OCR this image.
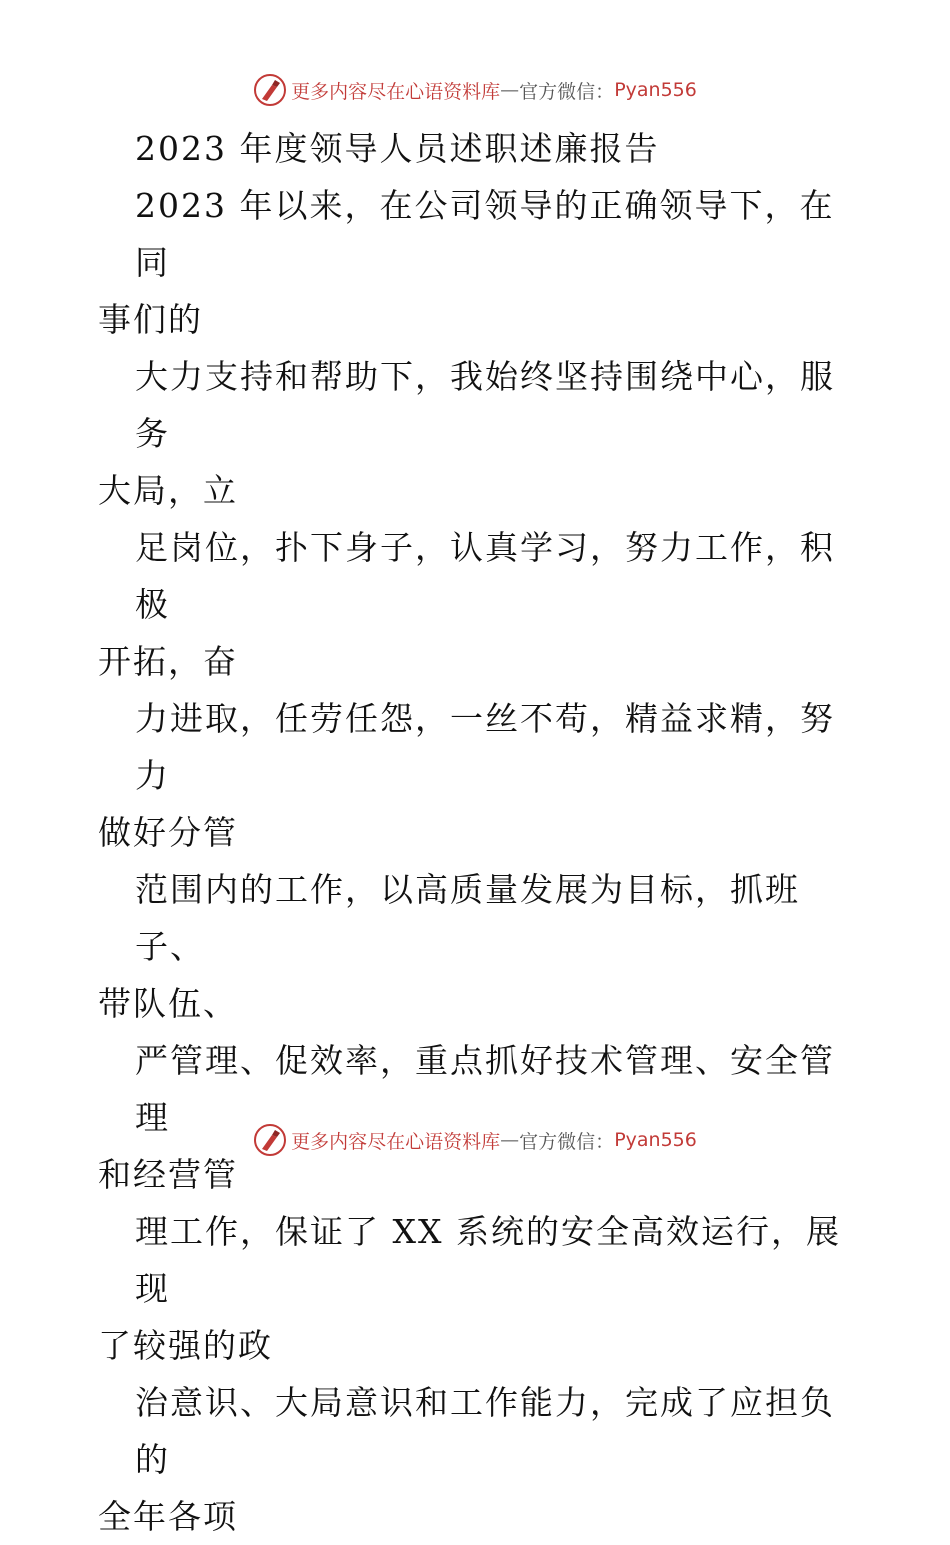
更多内容尽在心语资料库 — 官方微信： Pyan556

2023 年度领导人员述职述廉报告

2023 年以来，在公司领导的正确领导下，在同

事们的

大力支持和帮助下，我始终坚持围绕中心，服务

大局，立

足岗位，扑下身子，认真学习，努力工作，积极

开拓，奋

力进取，任劳任怨，一丝不苟，精益求精，努力

做好分管

范围内的工作，以高质量发展为目标，抓班子、

带队伍、

严管理、促效率，重点抓好技术管理、安全管理

和经营管

理工作，保证了 XX 系统的安全高效运行，展现

了较强的政

治意识、大局意识和工作能力，完成了应担负的

全年各项

更多内容尽在心语资料库 — 官方微信： Pyan556
